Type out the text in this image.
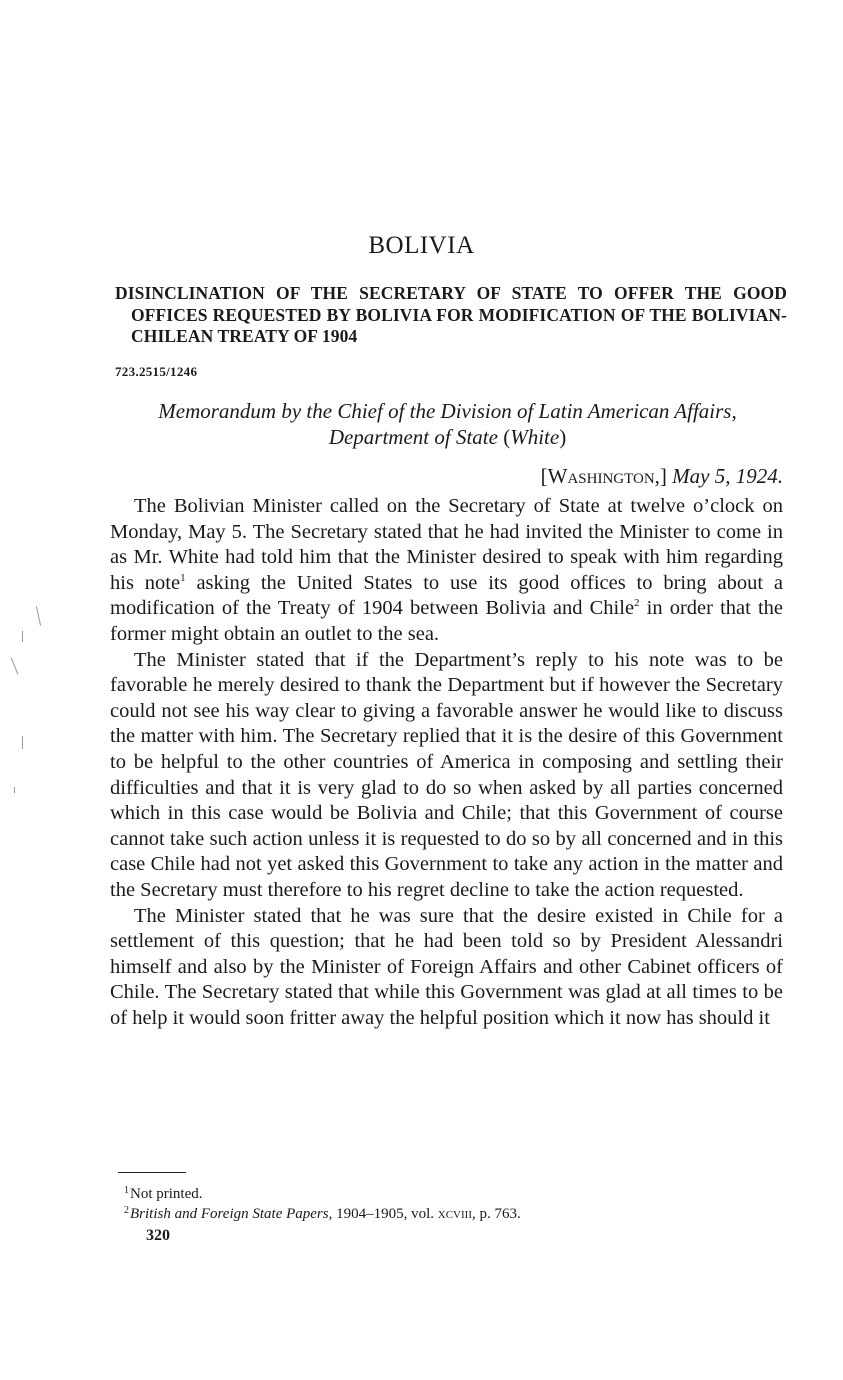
BOLIVIA
DISINCLINATION OF THE SECRETARY OF STATE TO OFFER THE GOOD OFFICES REQUESTED BY BOLIVIA FOR MODIFICATION OF THE BOLIVIAN-CHILEAN TREATY OF 1904
723.2515/1246
Memorandum by the Chief of the Division of Latin American Affairs,
Department of State (White)
[Washington,] May 5, 1924.

The Bolivian Minister called on the Secretary of State at twelve o’clock on Monday, May 5. The Secretary stated that he had invited the Minister to come in as Mr. White had told him that the Minister desired to speak with him regarding his note$^1$ asking the United States to use its good offices to bring about a modification of the Treaty of 1904 between Bolivia and Chile$^2$ in order that the former might obtain an outlet to the sea.

The Minister stated that if the Department’s reply to his note was to be favorable he merely desired to thank the Department but if however the Secretary could not see his way clear to giving a favorable answer he would like to discuss the matter with him. The Secretary replied that it is the desire of this Government to be helpful to the other countries of America in composing and settling their difficulties and that it is very glad to do so when asked by all parties concerned which in this case would be Bolivia and Chile; that this Government of course cannot take such action unless it is requested to do so by all concerned and in this case Chile had not yet asked this Government to take any action in the matter and the Secretary must therefore to his regret decline to take the action requested.

The Minister stated that he was sure that the desire existed in Chile for a settlement of this question; that he had been told so by President Alessandri himself and also by the Minister of Foreign Affairs and other Cabinet officers of Chile. The Secretary stated that while this Government was glad at all times to be of help it would soon fritter away the helpful position which it now has should it

$^1$Not printed.
$^2$British and Foreign State Papers, 1904–1905, vol. xcviii, p. 763.
320
